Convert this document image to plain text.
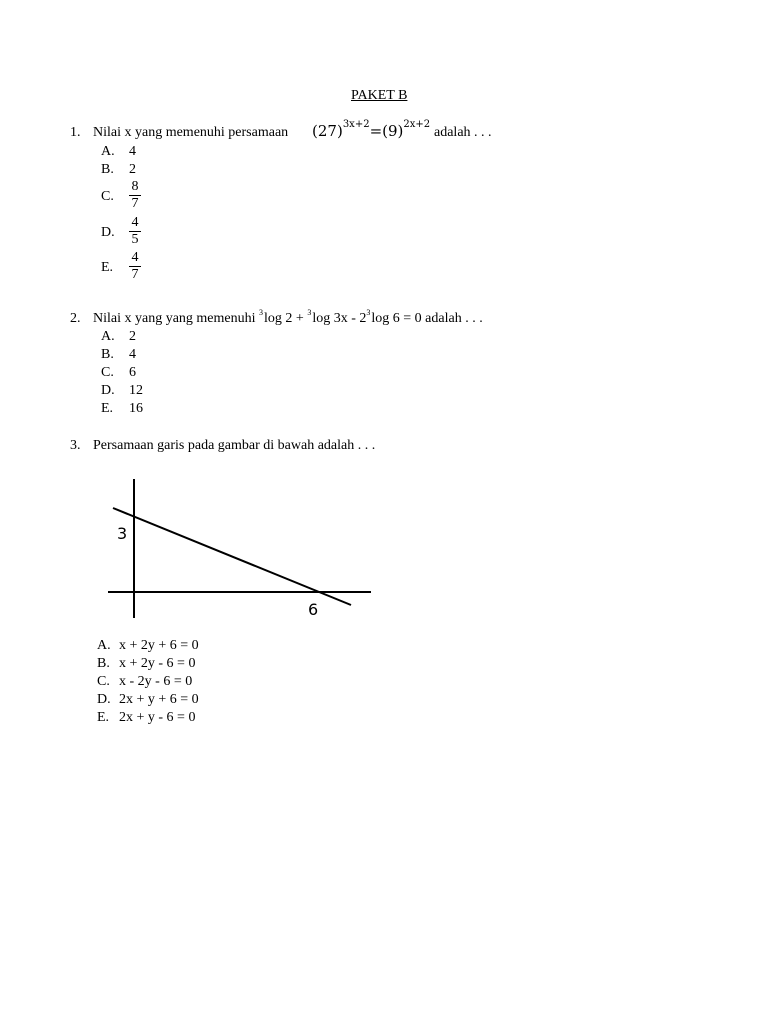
PAKET B
1. Nilai x yang memenuhi persamaan $(27)^{3x+2}=(9)^{2x+2}$
adalah . . .
A. 4
B. 2
C.
8
7
D.
4
5
E.
4
7
2. Nilai x yang yang memenuhi $^3$log 2 + $^3$log $3x - 2^3\log$ 6 = 0 adalah . . .
A. 2
B. 4
C. 6
D. 12
E. 16
3. Persamaan garis pada gambar di bawah adalah . . .
3
6
A. x + 2y + 6 = 0
B. x + 2y - 6 = 0
C. x - 2y - 6 = 0
D. 2x + y + 6 = 0
E. 2x + y - 6 = 0
